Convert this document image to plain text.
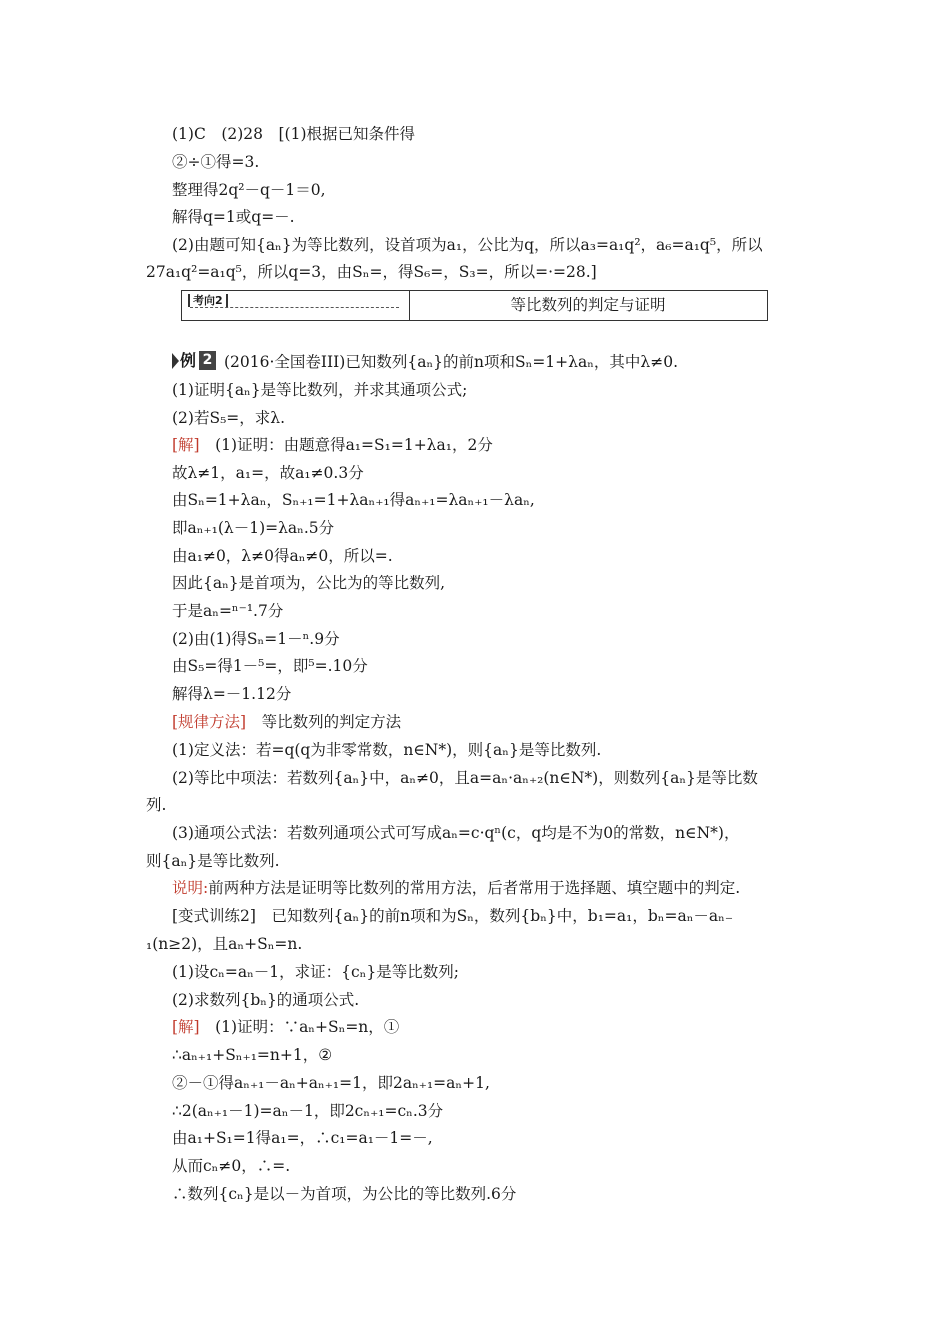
(1)C　(2)28　[(1)根据已知条件得
②÷①得=3.
整理得2q²－q－1＝0,
解得q=1或q=－.
(2)由题可知{aₙ}为等比数列，设首项为a₁，公比为q，所以a₃=a₁q²，a₆=a₁q⁵，所以
27a₁q²=a₁q⁵，所以q=3，由Sₙ=，得S₆=，S₃=，所以=·=28.]
(1)证明{aₙ}是等比数列，并求其通项公式;
(2)若S₅=，求λ.
[解]　(1)证明：由题意得a₁=S₁=1+λa₁，2分
故λ≠1，a₁=，故a₁≠0.3分
由Sₙ=1+λaₙ，Sₙ₊₁=1+λaₙ₊₁得aₙ₊₁=λaₙ₊₁－λaₙ,
即aₙ₊₁(λ－1)=λaₙ.5分
由a₁≠0，λ≠0得aₙ≠0，所以=.
因此{aₙ}是首项为，公比为的等比数列,
于是aₙ=ⁿ⁻¹.7分
(2)由(1)得Sₙ=1－ⁿ.9分
由S₅=得1－⁵=，即⁵=.10分
解得λ=－1.12分
[规律方法]　等比数列的判定方法
(1)定义法：若=q(q为非零常数，n∈N*)，则{aₙ}是等比数列.
(2)等比中项法：若数列{aₙ}中，aₙ≠0，且a=aₙ·aₙ₊₂(n∈N*)，则数列{aₙ}是等比数
列.
(3)通项公式法：若数列通项公式可写成aₙ=c·qⁿ(c，q均是不为0的常数，n∈N*)，
则{aₙ}是等比数列.
说明:前两种方法是证明等比数列的常用方法，后者常用于选择题、填空题中的判定.
[变式训练2]　已知数列{aₙ}的前n项和为Sₙ，数列{bₙ}中，b₁=a₁，bₙ=aₙ－aₙ₋
₁(n≥2)，且aₙ+Sₙ=n.
(1)设cₙ=aₙ－1，求证：{cₙ}是等比数列;
(2)求数列{bₙ}的通项公式.
[解]　(1)证明：∵aₙ+Sₙ=n，①
∴aₙ₊₁+Sₙ₊₁=n+1，②
②－①得aₙ₊₁－aₙ+aₙ₊₁=1，即2aₙ₊₁=aₙ+1,
∴2(aₙ₊₁－1)=aₙ－1，即2cₙ₊₁=cₙ.3分
由a₁+S₁=1得a₁=，∴c₁=a₁－1=－,
从而cₙ≠0，∴=.
∴数列{cₙ}是以－为首项，为公比的等比数列.6分
考向2	等比数列的判定与证明
例 2 (2016·全国卷III)已知数列{aₙ}的前n项和Sₙ=1+λaₙ，其中λ≠0.
